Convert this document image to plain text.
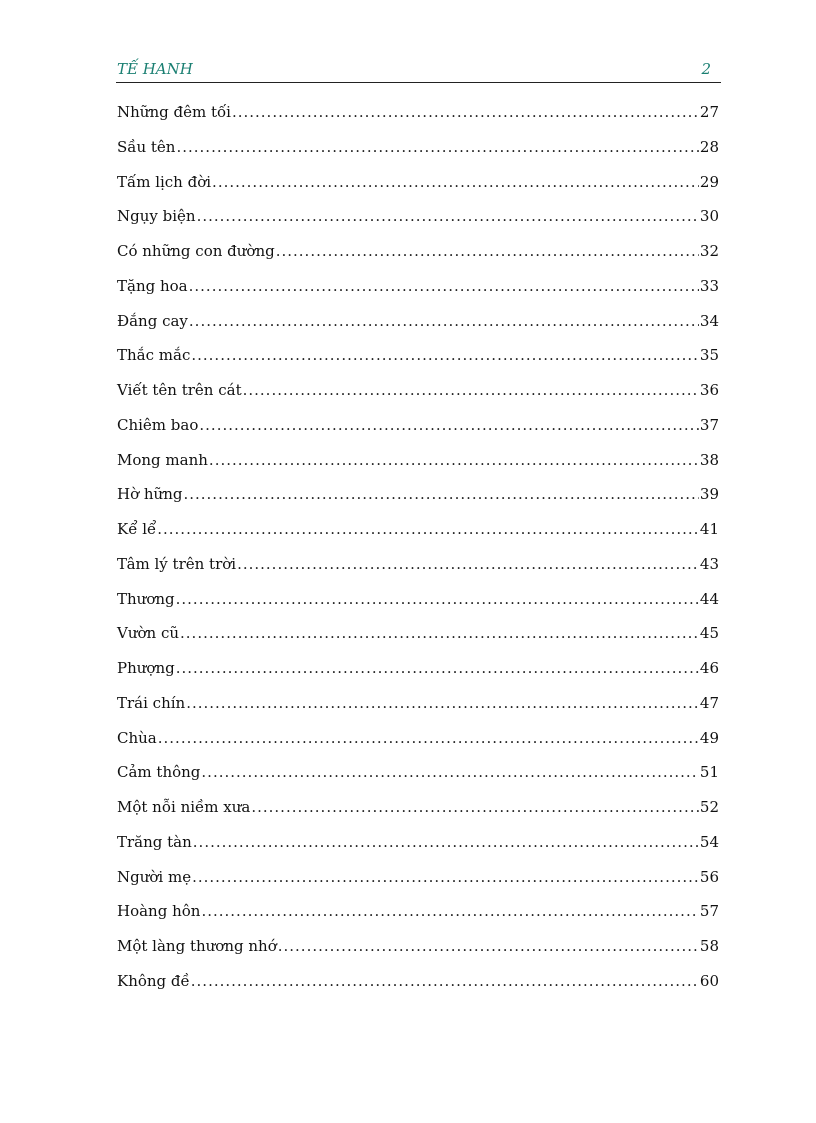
TẾ HANH	2
Những đêm tối .....	27
Sầu tên .....	28
Tấm lịch đời .....	29
Ngụy biện .....	30
Có những con đường .....	32
Tặng hoa .....	33
Đắng cay .....	34
Thắc mắc .....	35
Viết tên trên cát .....	36
Chiêm bao .....	37
Mong manh .....	38
Hờ hững .....	39
Kể lể .....	41
Tâm lý trên trời .....	43
Thương .....	44
Vườn cũ .....	45
Phượng .....	46
Trái chín .....	47
Chùa .....	49
Cảm thông .....	51
Một nỗi niềm xưa .....	52
Trăng tàn .....	54
Người mẹ .....	56
Hoàng hôn .....	57
Một làng thương nhớ .....	58
Không đề .....	60
